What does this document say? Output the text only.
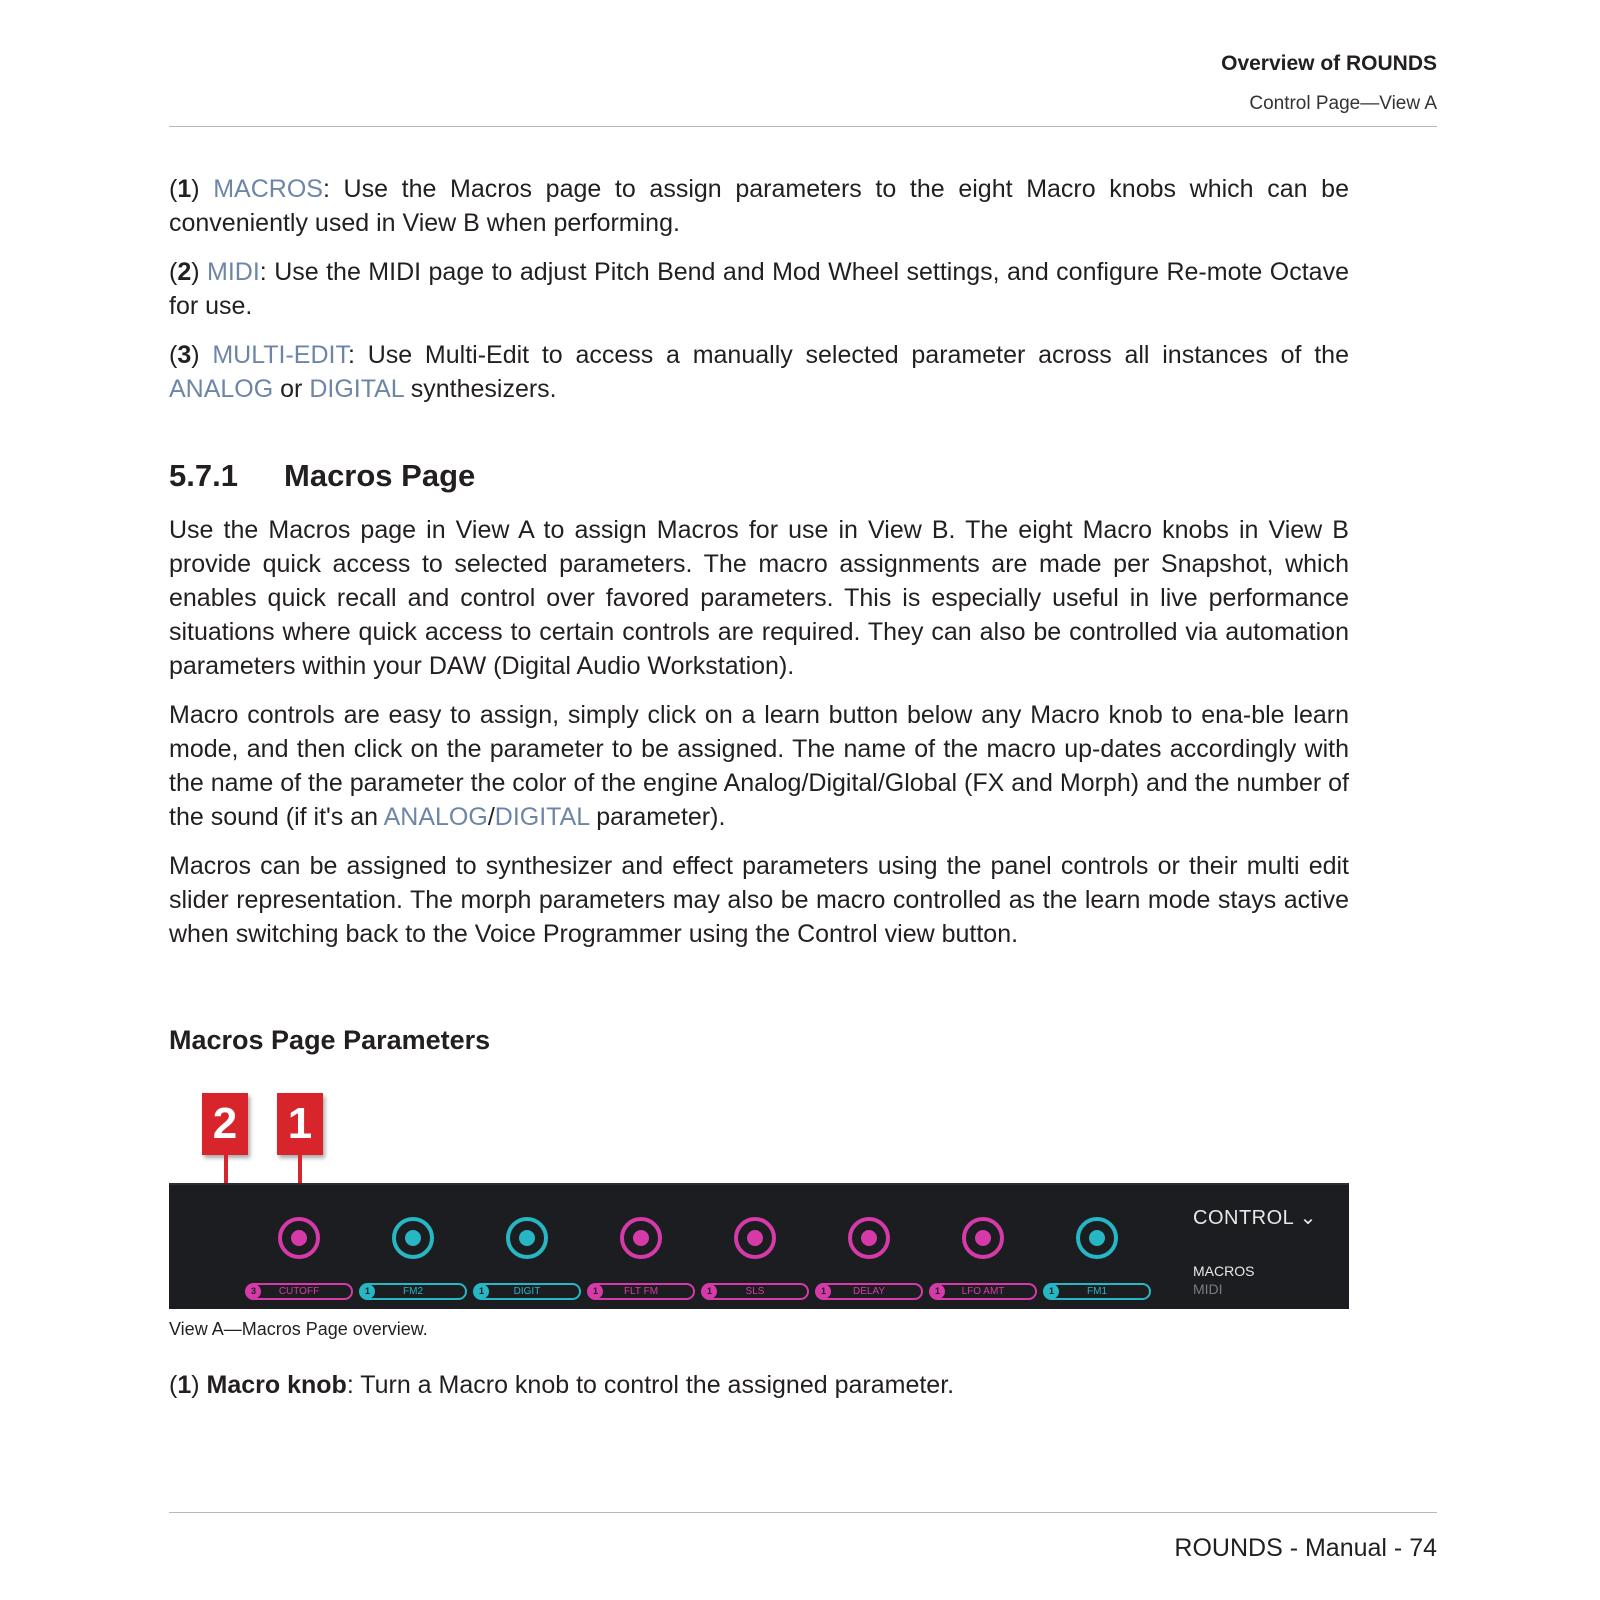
Overview of ROUNDS
Control Page—View A

(1) MACROS: Use the Macros page to assign parameters to the eight Macro knobs which can be conveniently used in View B when performing.

(2) MIDI: Use the MIDI page to adjust Pitch Bend and Mod Wheel settings, and configure Re-mote Octave for use.

(3) MULTI-EDIT: Use Multi-Edit to access a manually selected parameter across all instances of the ANALOG or DIGITAL synthesizers.

5.7.1 Macros Page

Use the Macros page in View A to assign Macros for use in View B. The eight Macro knobs in View B provide quick access to selected parameters. The macro assignments are made per Snapshot, which enables quick recall and control over favored parameters. This is especially useful in live performance situations where quick access to certain controls are required. They can also be controlled via automation parameters within your DAW (Digital Audio Workstation).

Macro controls are easy to assign, simply click on a learn button below any Macro knob to ena-ble learn mode, and then click on the parameter to be assigned. The name of the macro up-dates accordingly with the name of the parameter the color of the engine Analog/Digital/Global (FX and Morph) and the number of the sound (if it's an ANALOG/DIGITAL parameter).

Macros can be assigned to synthesizer and effect parameters using the panel controls or their multi edit slider representation. The morph parameters may also be macro controlled as the learn mode stays active when switching back to the Voice Programmer using the Control view button.

Macros Page Parameters
2 1
CONTROL ⌄
MACROS
MIDI
3	CUTOFF	1	FM2	1	DIGIT	1	FLT FM	1	SLS	1	DELAY	1	LFO AMT	1	FM1
View A—Macros Page overview.

(1) Macro knob: Turn a Macro knob to control the assigned parameter.

ROUNDS - Manual - 74
